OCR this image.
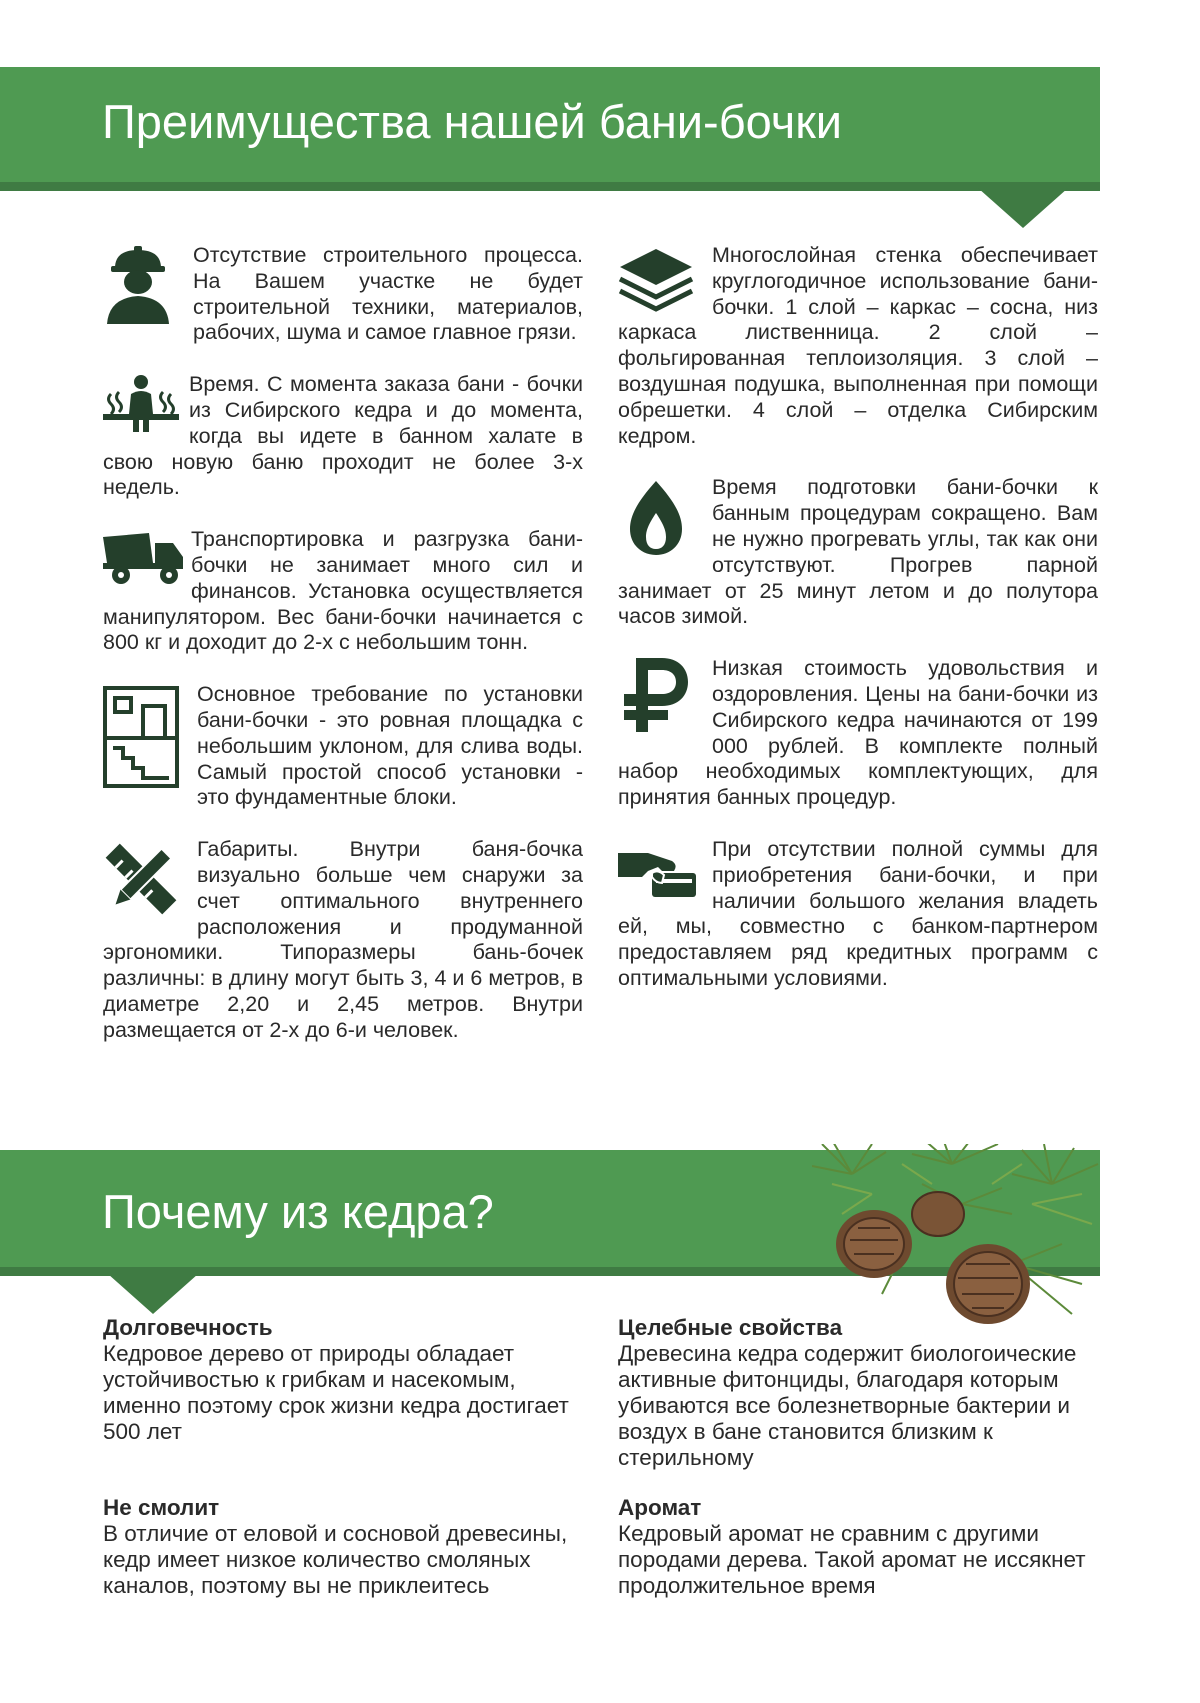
Преимущества нашей бани-бочки

Отсутствие строительного процесса. На Вашем участке не будет строительной техники, материалов, рабочих, шума и самое главное грязи.

Время. С момента заказа бани - бочки из Сибирского кедра и до момента, когда вы идете в банном халате в свою новую баню проходит не более 3-х недель.

Транспортировка и разгрузка бани-бочки не занимает много сил и финансов. Установка осуществляется манипулятором. Вес бани-бочки начинается с 800 кг и доходит до 2-х с небольшим тонн.

Основное требование по установки бани-бочки - это ровная площадка с небольшим уклоном, для слива воды. Самый простой способ установки - это фундаментные блоки.

Габариты. Внутри баня-бочка визуально больше чем снаружи за счет оптимального внутреннего расположения и продуманной эргономики. Типоразмеры бань-бочек различны: в длину могут быть 3, 4 и 6 метров, в диаметре 2,20 и 2,45 метров. Внутри размещается от 2-х до 6-и человек.

Многослойная стенка обеспечивает круглогодичное использование бани-бочки. 1 слой – каркас – сосна, низ каркаса лиственница. 2 слой – фольгированная теплоизоляция. 3 слой – воздушная подушка, выполненная при помощи обрешетки. 4 слой – отделка Сибирским кедром.

Время подготовки бани-бочки к банным процедурам сокращено. Вам не нужно прогревать углы, так как они отсутствуют. Прогрев парной занимает от 25 минут летом и до полутора часов зимой.

Низкая стоимость удовольствия и оздоровления. Цены на бани-бочки из Сибирского кедра начинаются от 199 000 рублей. В комплекте полный набор необходимых комплектующих, для принятия банных процедур.

При отсутствии полной суммы для приобретения бани-бочки, и при наличии большого желания владеть ей, мы, совместно с банком-партнером предоставляем ряд кредитных программ с оптимальными условиями.

Почему из кедра?
Долговечность

Кедровое дерево от природы обладает устойчивостью к грибкам и насекомым, именно поэтому срок жизни кедра достигает 500 лет

Целебные свойства

Древесина кедра содержит биологоические активные фитонциды, благодаря которым убиваются все болезнетворные бактерии и воздух в бане становится близким к стерильному

Не смолит

В отличие от еловой и сосновой древесины, кедр имеет низкое количество смоляных каналов, поэтому вы не приклеитесь

Аромат

Кедровый аромат не сравним с другими породами дерева. Такой аромат не иссякнет продолжительное время
